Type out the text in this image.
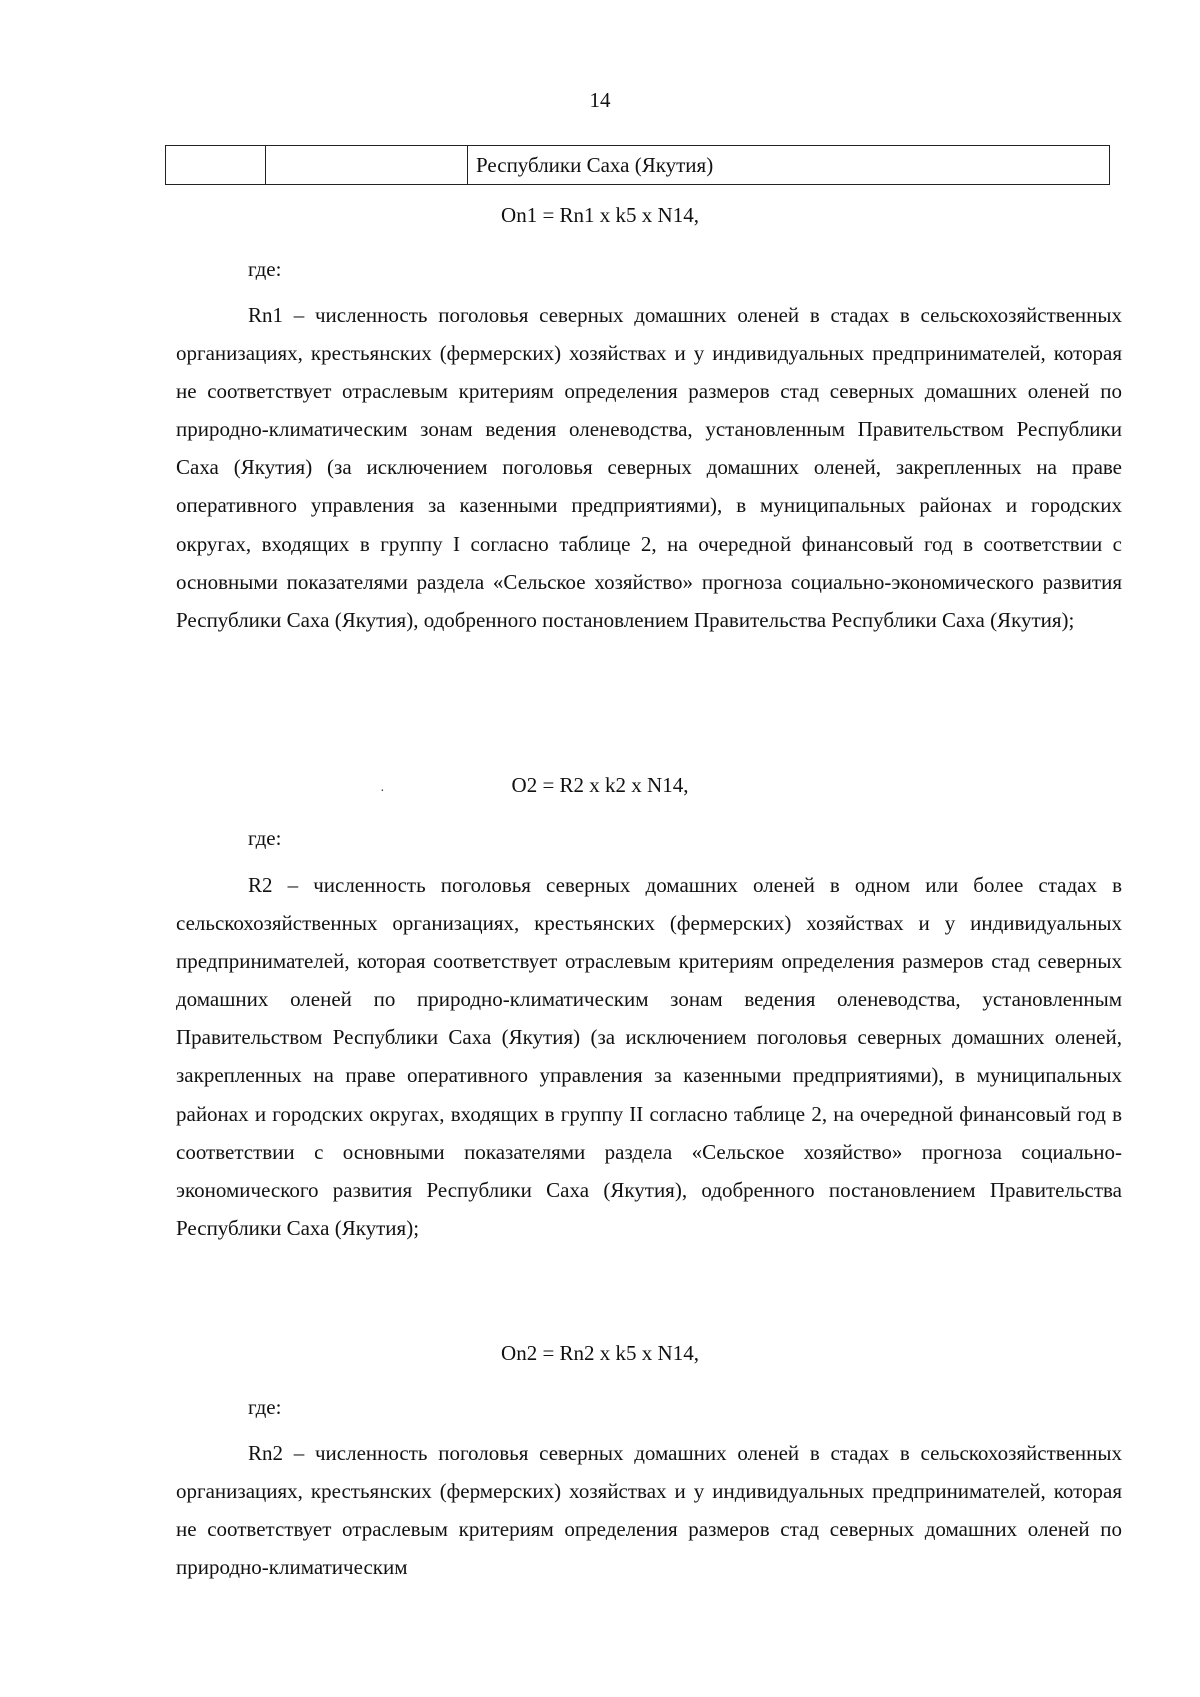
14
Республики Саха (Якутия)
On1 = Rn1 x k5 x N14,
где:

Rn1 – численность поголовья северных домашних оленей в стадах в сельскохозяйственных организациях, крестьянских (фермерских) хозяйствах и у индивидуальных предпринимателей, которая не соответствует отраслевым критериям определения размеров стад северных домашних оленей по природно-климатическим зонам ведения оленеводства, установленным Правительством Республики Саха (Якутия) (за исключением поголовья северных домашних оленей, закрепленных на праве оперативного управления за казенными предприятиями), в муниципальных районах и городских округах, входящих в группу I согласно таблице 2, на очередной финансовый год в соответствии с основными показателями раздела «Сельское хозяйство» прогноза социально-экономического развития Республики Саха (Якутия), одобренного постановлением Правительства Республики Саха (Якутия);

O2 = R2 x k2 x N14,
·
где:

R2 – численность поголовья северных домашних оленей в одном или более стадах в сельскохозяйственных организациях, крестьянских (фермерских) хозяйствах и у индивидуальных предпринимателей, которая соответствует отраслевым критериям определения размеров стад северных домашних оленей по природно-климатическим зонам ведения оленеводства, установленным Правительством Республики Саха (Якутия) (за исключением поголовья северных домашних оленей, закрепленных на праве оперативного управления за казенными предприятиями), в муниципальных районах и городских округах, входящих в группу II согласно таблице 2, на очередной финансовый год в соответствии с основными показателями раздела «Сельское хозяйство» прогноза социально-экономического развития Республики Саха (Якутия), одобренного постановлением Правительства Республики Саха (Якутия);

On2 = Rn2 x k5 x N14,
где:

Rn2 – численность поголовья северных домашних оленей в стадах в сельскохозяйственных организациях, крестьянских (фермерских) хозяйствах и у индивидуальных предпринимателей, которая не соответствует отраслевым критериям определения размеров стад северных домашних оленей по природно-климатическим
